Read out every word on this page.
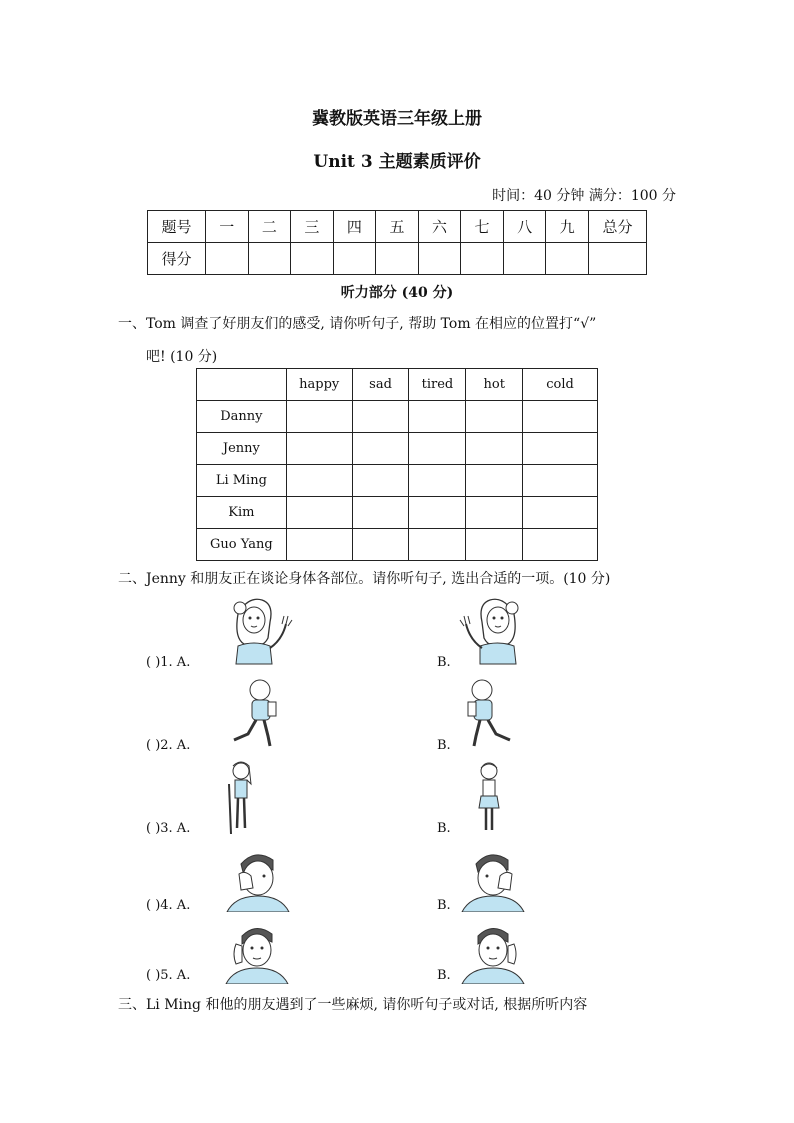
冀教版英语三年级上册
Unit 3 主题素质评价
时间：40 分钟 满分：100 分
题号	一	二	三	四	五	六	七	八	九	总分
得分										
听力部分 (40 分)
一、Tom 调查了好朋友们的感受, 请你听句子, 帮助 Tom 在相应的位置打“√”
吧! (10 分)
	happy	sad	tired	hot	cold
Danny					
Jenny					
Li Ming					
Kim					
Guo Yang					
二、Jenny 和朋友正在谈论身体各部位。请你听句子, 选出合适的一项。(10 分)
( )1. A.	B.
( )2. A.	B.
( )3. A.	B.
( )4. A.	B.
( )5. A.	B.
三、Li Ming 和他的朋友遇到了一些麻烦, 请你听句子或对话, 根据所听内容
